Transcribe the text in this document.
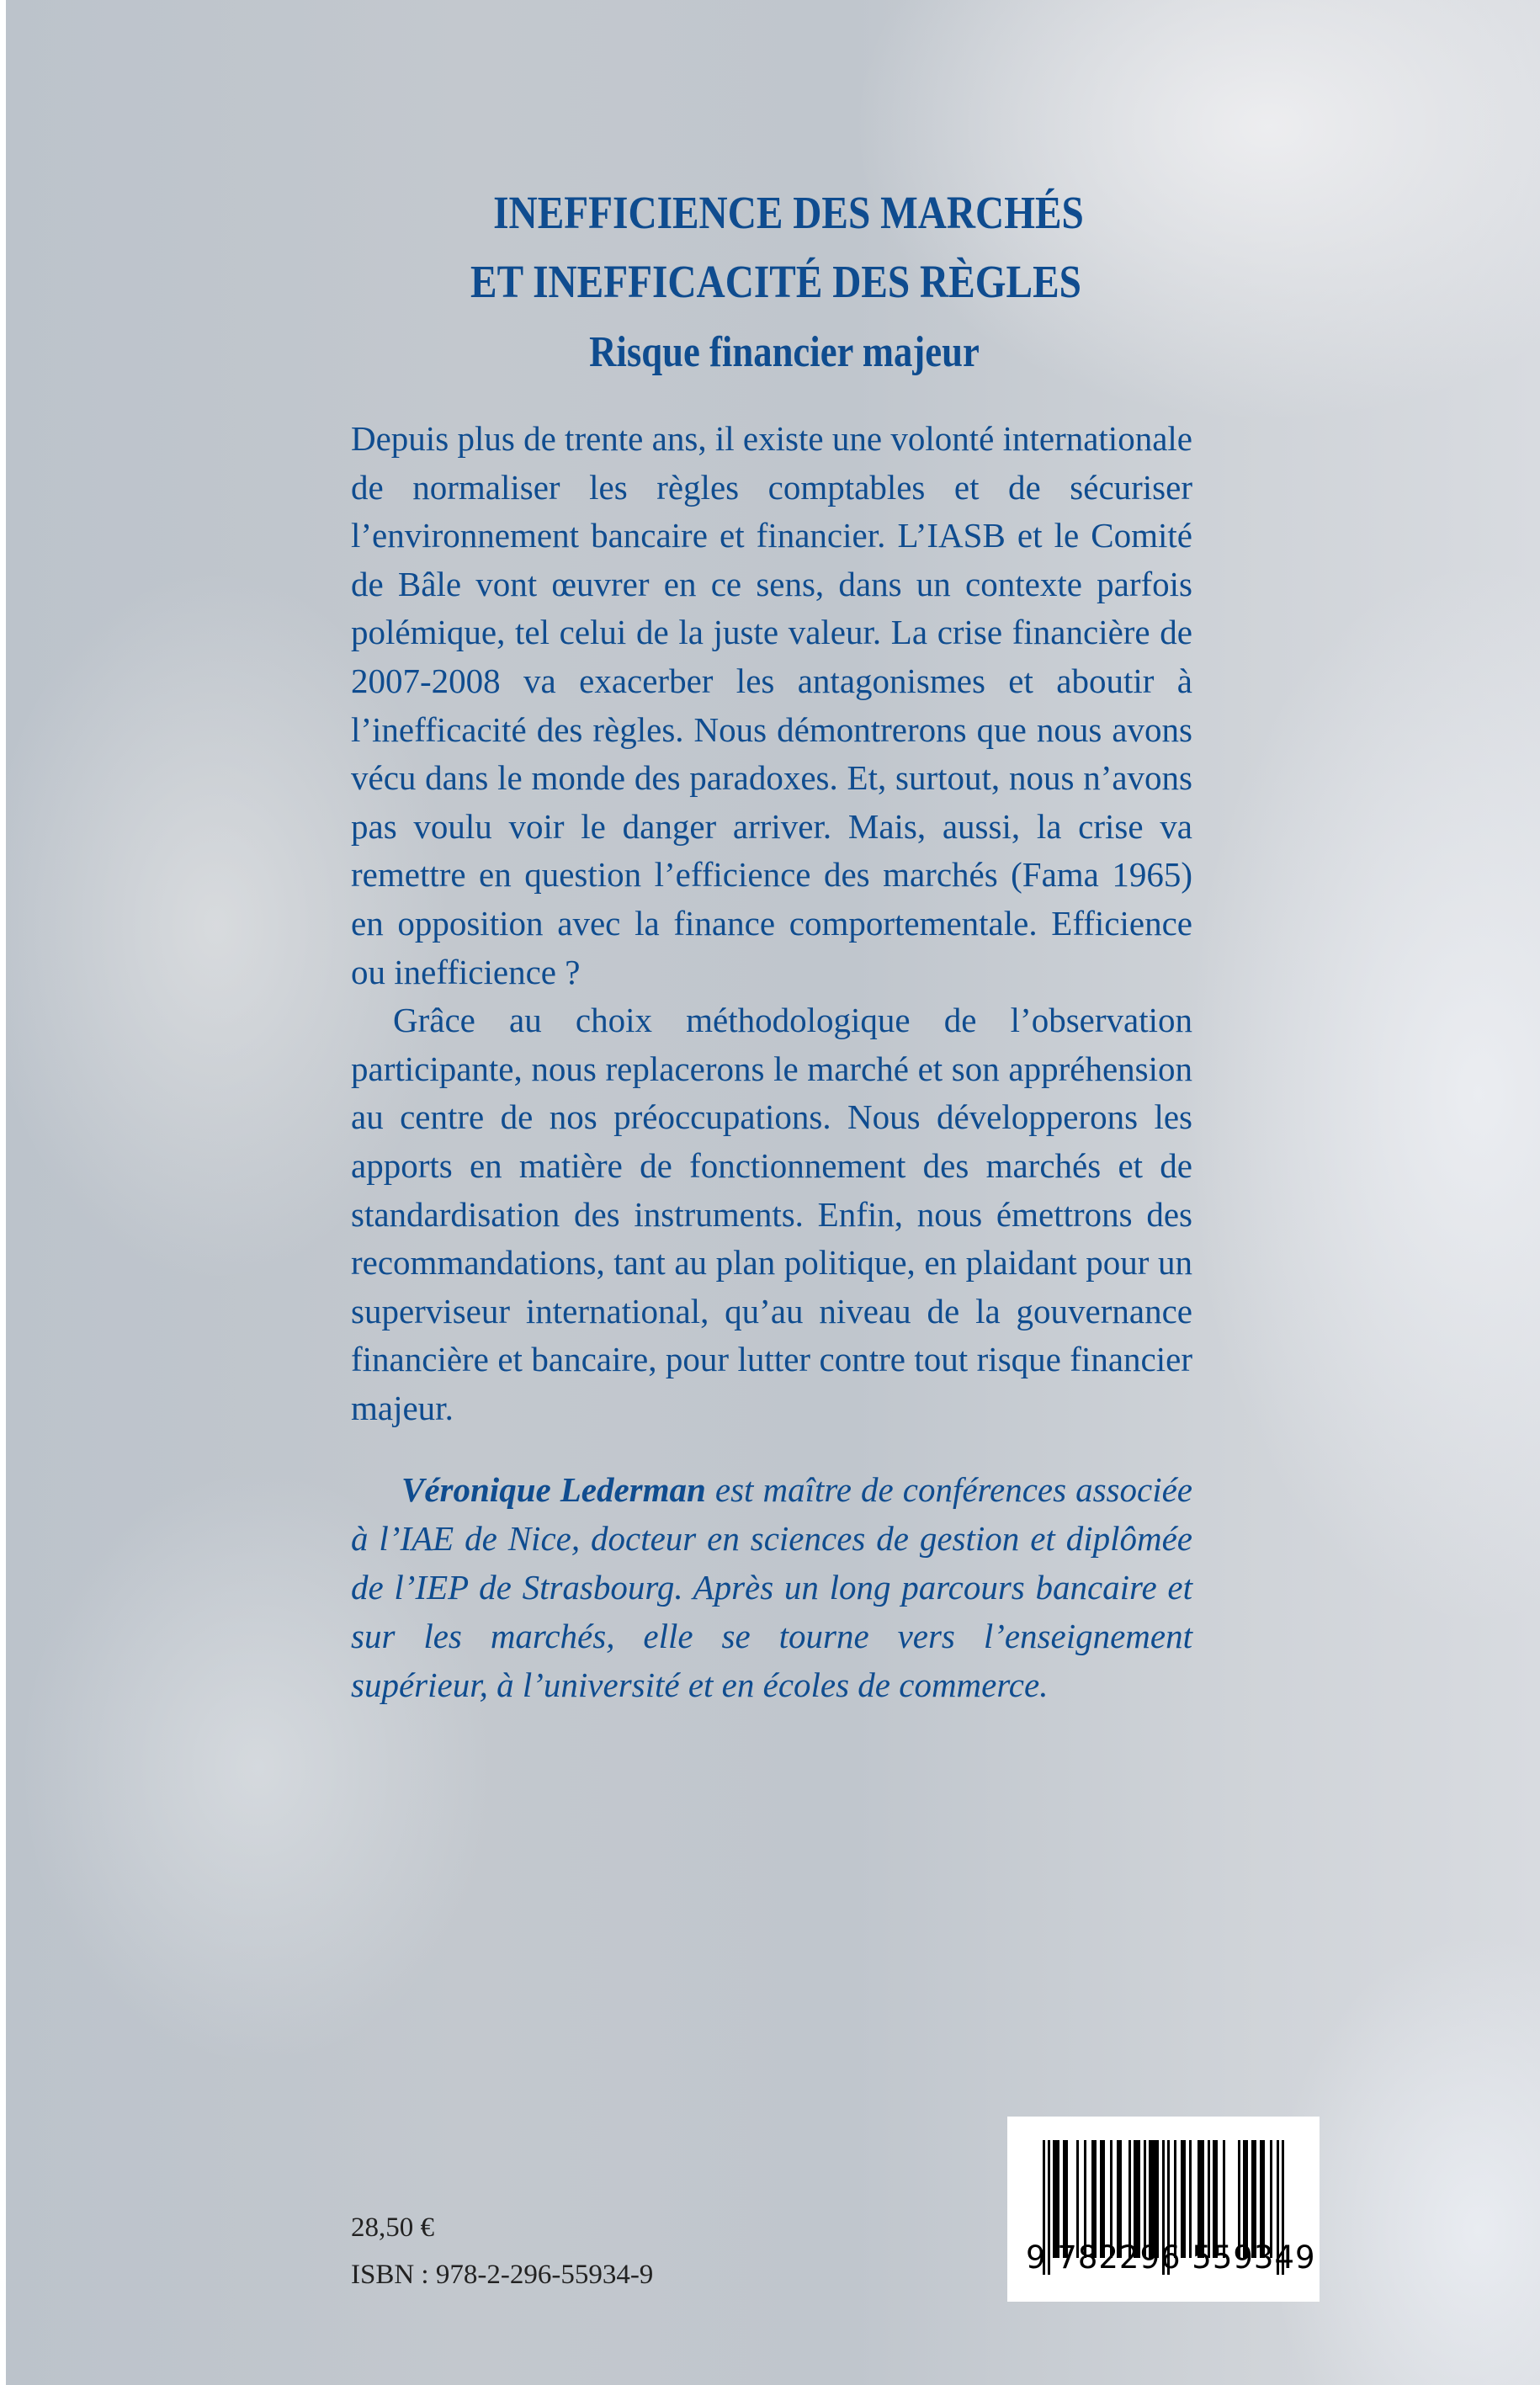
INEFFICIENCE DES MARCHÉS
ET INEFFICACITÉ DES RÈGLES
Risque financier majeur

Depuis plus de trente ans, il existe une volonté internationale de normaliser les règles comptables et de sécuriser l’environnement bancaire et financier. L’IASB et le Comité de Bâle vont œuvrer en ce sens, dans un contexte parfois polémique, tel celui de la juste valeur. La crise financière de 2007-2008 va exacerber les antagonismes et aboutir à l’inefficacité des règles. Nous démontrerons que nous avons vécu dans le monde des paradoxes. Et, surtout, nous n’avons pas voulu voir le danger arriver. Mais, aussi, la crise va remettre en question l’efficience des marchés (Fama 1965) en opposition avec la finance comportementale. Efficience ou inefficience ?

Grâce au choix méthodologique de l’observation participante, nous replacerons le marché et son appréhension au centre de nos préoccupations. Nous développerons les apports en matière de fonctionnement des marchés et de standardisation des instruments. Enfin, nous émettrons des recommandations, tant au plan politique, en plaidant pour un superviseur international, qu’au niveau de la gouvernance financière et bancaire, pour lutter contre tout risque financier majeur.

Véronique Lederman est maître de conférences associée à l’IAE de Nice, docteur en sciences de gestion et diplômée de l’IEP de Strasbourg. Après un long parcours bancaire et sur les marchés, elle se tourne vers l’enseignement supérieur, à l’université et en écoles de commerce.

28,50 €
ISBN : 978-2-296-55934-9	9 782296 559349
